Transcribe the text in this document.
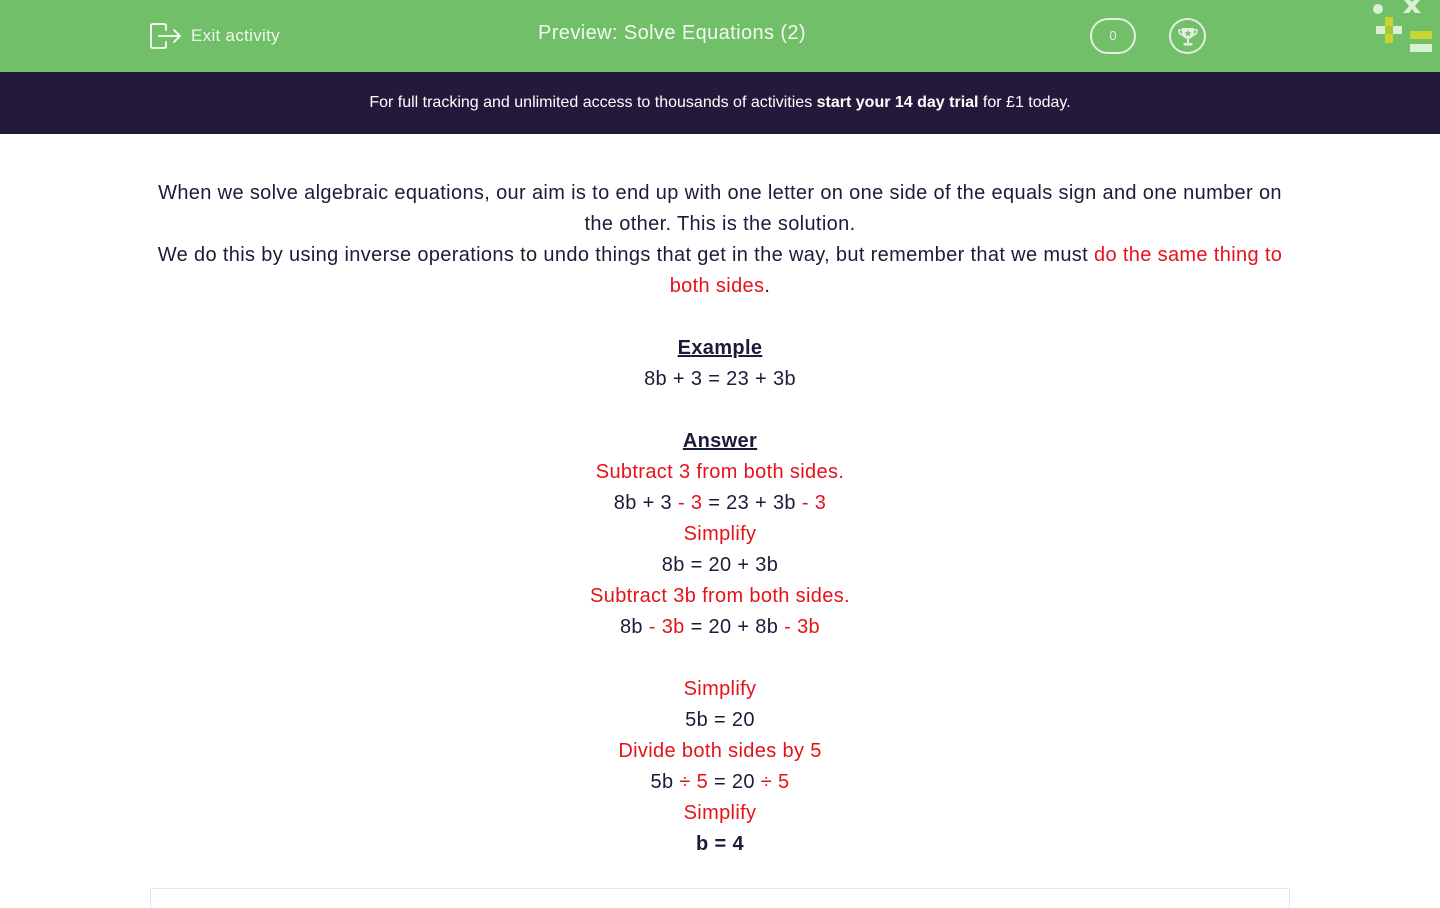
Exit activity	Preview: Solve Equations (2)	0
For full tracking and unlimited access to thousands of activities start your 14 day trial for £1 today.
When we solve algebraic equations, our aim is to end up with one letter on one side of the equals sign and one number on the other. This is the solution.
We do this by using inverse operations to undo things that get in the way, but remember that we must do the same thing to both sides.
Example
8b + 3 = 23 + 3b
Answer
Subtract 3 from both sides.
8b + 3 - 3 = 23 + 3b - 3
Simplify
8b = 20 + 3b
Subtract 3b from both sides.
8b - 3b = 20 + 8b - 3b
Simplify
5b = 20
Divide both sides by 5
5b ÷ 5 = 20 ÷ 5
Simplify
b = 4
